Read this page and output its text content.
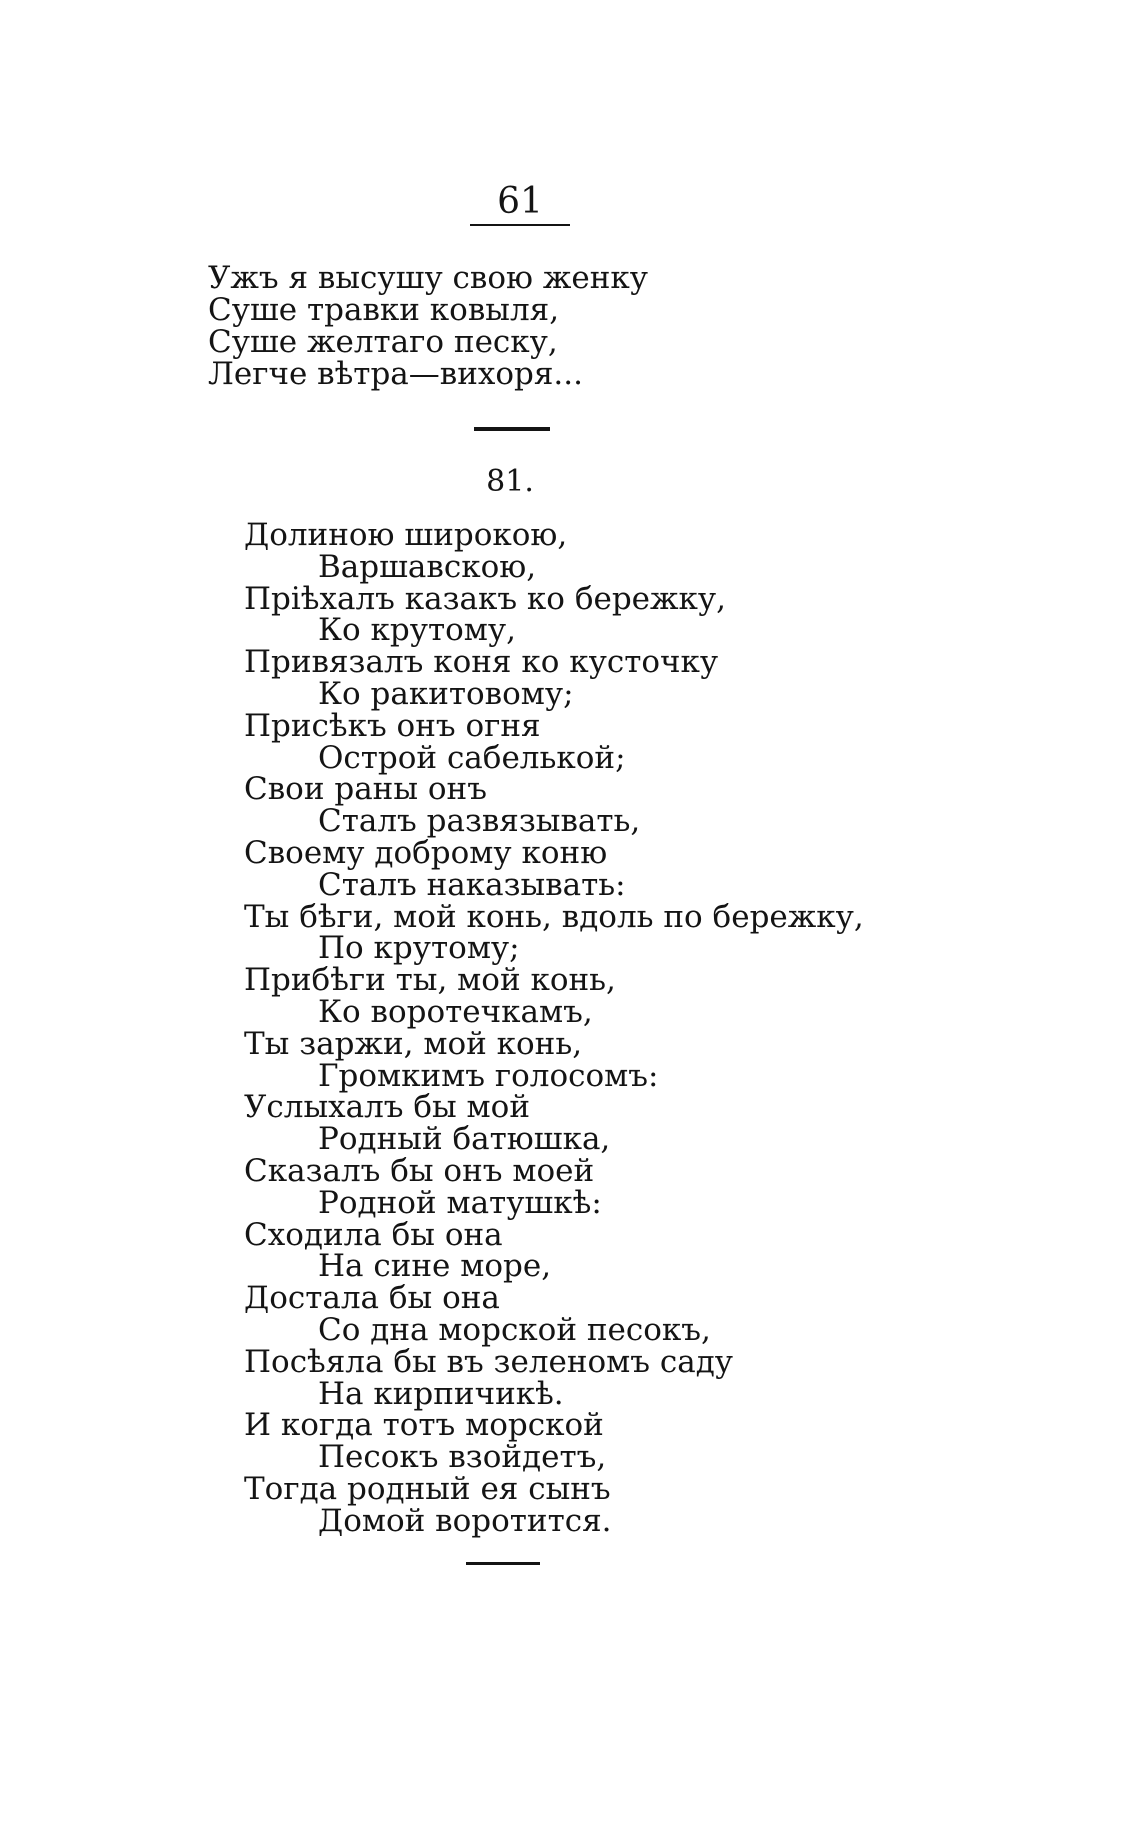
61
Ужъ я высушу свою женку
Суше травки ковыля,
Суше желтаго песку,
Легче вѣтра—вихоря...
81.
Долиною широкою,
Варшавскою,
Пріѣхалъ казакъ ко бережку,
Ко крутому,
Привязалъ коня ко кусточку
Ко ракитовому;
Присѣкъ онъ огня
Острой сабелькой;
Свои раны онъ
Сталъ развязывать,
Своему доброму коню
Сталъ наказывать:
Ты бѣги, мой конь, вдоль по бережку,
По крутому;
Прибѣги ты, мой конь,
Ко воротечкамъ,
Ты заржи, мой конь,
Громкимъ голосомъ:
Услыхалъ бы мой
Родный батюшка,
Сказалъ бы онъ моей
Родной матушкѣ:
Сходила бы она
На сине море,
Достала бы она
Со дна морской песокъ,
Посѣяла бы въ зеленомъ саду
На кирпичикѣ.
И когда тотъ морской
Песокъ взойдетъ,
Тогда родный ея сынъ
Домой воротится.
